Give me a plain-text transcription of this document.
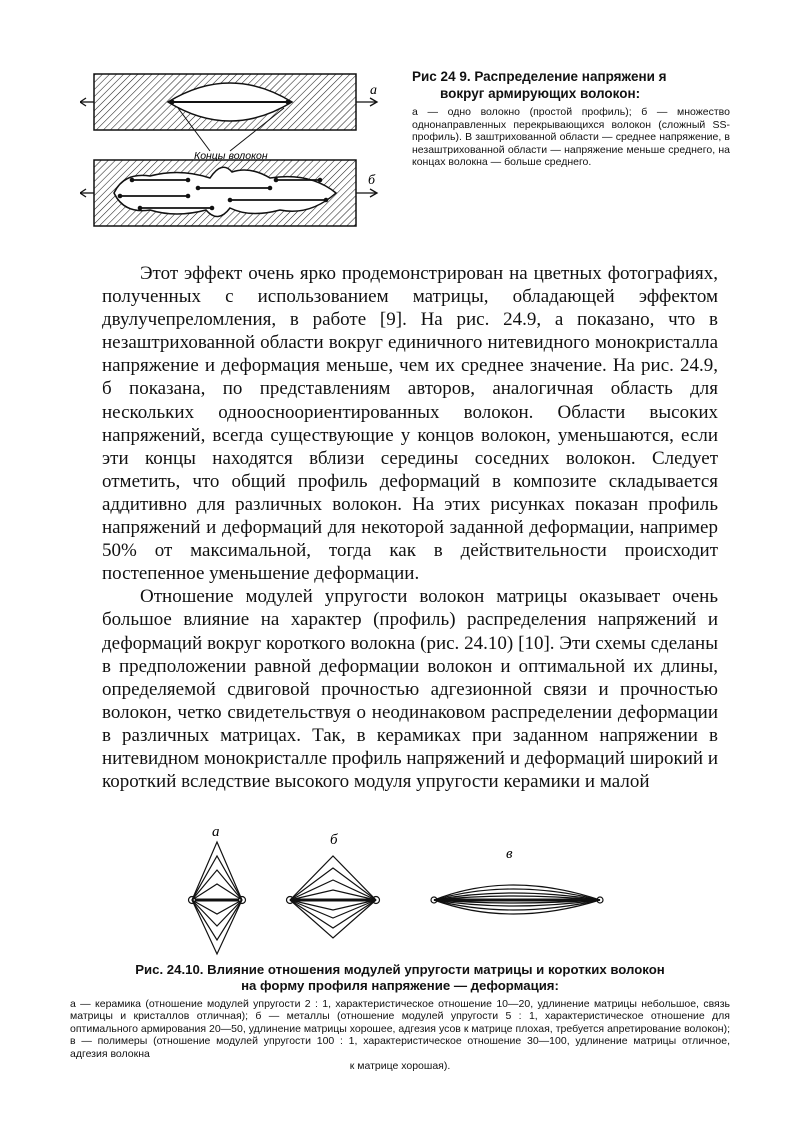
а
б
Концы волокон
Рис 24 9. Распределение напряжени я
вокруг армирующих волокон:
а — одно волокно (простой профиль); б — множество однонаправленных перекрывающихся волокон (сложный SS-профиль). В заштрихованной области — среднее напряжение, в незаштрихованной области — напряжение меньше среднего, на концах волокна — больше среднего.

Этот эффект очень ярко продемонстрирован на цветных фотографиях, полученных с использованием матрицы, обладающей эффектом двулучепреломления, в работе [9]. На рис. 24.9, а показано, что в незаштрихованной области вокруг единичного нитевидного монокристалла напряжение и деформация меньше, чем их среднее значение. На рис. 24.9, б показана, по представлениям авторов, аналогичная область для нескольких одноосноориентированных волокон. Области высоких напряжений, всегда существующие у концов волокон, уменьшаются, если эти концы находятся вблизи середины соседних волокон. Следует отметить, что общий профиль деформаций в композите складывается аддитивно для различных волокон. На этих рисунках показан профиль напряжений и деформаций для некоторой заданной деформации, например 50% от максимальной, тогда как в действительности происходит постепенное уменьшение деформации.

Отношение модулей упругости волокон матрицы оказывает очень большое влияние на характер (профиль) распределения напряжений и деформаций вокруг короткого волокна (рис. 24.10) [10]. Эти схемы сделаны в предположении равной деформации волокон и оптимальной их длины, определяемой сдвиговой прочностью адгезионной связи и прочностью волокон, четко свидетельствуя о неодинаковом распределении деформации в различных матрицах. Так, в керамиках при заданном напряжении в нитевидном монокристалле профиль напряжений и деформаций широкий и короткий вследствие высокого модуля упругости керамики и малой

а	б
в
Рис. 24.10. Влияние отношения модулей упругости матрицы и коротких волокон
на форму профиля напряжение — деформация:
а — керамика (отношение модулей упругости 2 : 1, характеристическое отношение 10—20, удлинение матрицы небольшое, связь матрицы и кристаллов отличная); б — металлы (отношение модулей упругости 5 : 1, характеристическое отношение для оптимального армирования 20—50, удлинение матрицы хорошее, адгезия усов к матрице плохая, требуется апретирование волокон); в — полимеры (отношение модулей упругости 100 : 1, характеристическое отношение 30—100, удлинение матрицы отличное, адгезия волокна
к матрице хорошая).
